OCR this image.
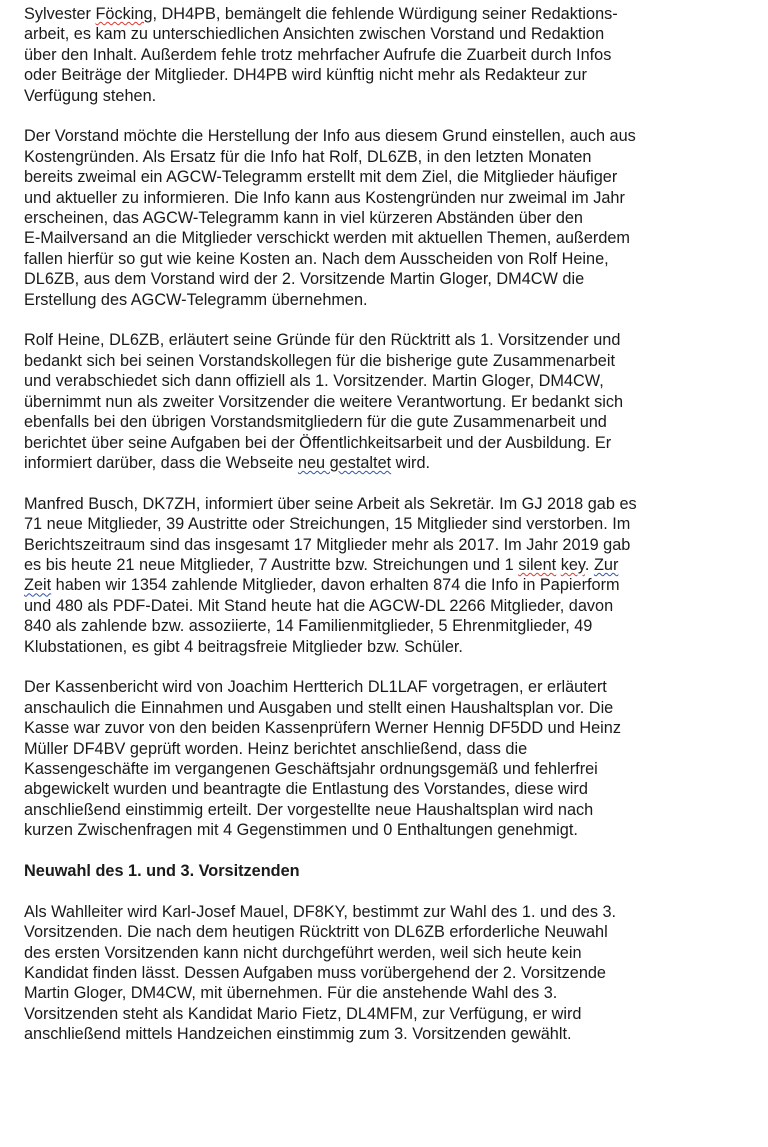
Sylvester Föcking, DH4PB, bemängelt die fehlende Würdigung seiner Redaktions-
arbeit, es kam zu unterschiedlichen Ansichten zwischen Vorstand und Redaktion
über den Inhalt. Außerdem fehle trotz mehrfacher Aufrufe die Zuarbeit durch Infos
oder Beiträge der Mitglieder. DH4PB wird künftig nicht mehr als Redakteur zur
Verfügung stehen.

Der Vorstand möchte die Herstellung der Info aus diesem Grund einstellen, auch aus
Kostengründen. Als Ersatz für die Info hat Rolf, DL6ZB, in den letzten Monaten
bereits zweimal ein AGCW-Telegramm erstellt mit dem Ziel, die Mitglieder häufiger
und aktueller zu informieren. Die Info kann aus Kostengründen nur zweimal im Jahr
erscheinen, das AGCW-Telegramm kann in viel kürzeren Abständen über den
E-Mailversand an die Mitglieder verschickt werden mit aktuellen Themen, außerdem
fallen hierfür so gut wie keine Kosten an. Nach dem Ausscheiden von Rolf Heine,
DL6ZB, aus dem Vorstand wird der 2. Vorsitzende Martin Gloger, DM4CW die
Erstellung des AGCW-Telegramm übernehmen.

Rolf Heine, DL6ZB, erläutert seine Gründe für den Rücktritt als 1. Vorsitzender und
bedankt sich bei seinen Vorstandskollegen für die bisherige gute Zusammenarbeit
und verabschiedet sich dann offiziell als 1. Vorsitzender. Martin Gloger, DM4CW,
übernimmt nun als zweiter Vorsitzender die weitere Verantwortung. Er bedankt sich
ebenfalls bei den übrigen Vorstandsmitgliedern für die gute Zusammenarbeit und
berichtet über seine Aufgaben bei der Öffentlichkeitsarbeit und der Ausbildung. Er
informiert darüber, dass die Webseite neu gestaltet wird.

Manfred Busch, DK7ZH, informiert über seine Arbeit als Sekretär. Im GJ 2018 gab es
71 neue Mitglieder, 39 Austritte oder Streichungen, 15 Mitglieder sind verstorben. Im
Berichtszeitraum sind das insgesamt 17 Mitglieder mehr als 2017. Im Jahr 2019 gab
es bis heute 21 neue Mitglieder, 7 Austritte bzw. Streichungen und 1 silent key. Zur
Zeit haben wir 1354 zahlende Mitglieder, davon erhalten 874 die Info in Papierform
und 480 als PDF-Datei. Mit Stand heute hat die AGCW-DL 2266 Mitglieder, davon
840 als zahlende bzw. assoziierte, 14 Familienmitglieder, 5 Ehrenmitglieder, 49
Klubstationen, es gibt 4 beitragsfreie Mitglieder bzw. Schüler.

Der Kassenbericht wird von Joachim Hertterich DL1LAF vorgetragen, er erläutert
anschaulich die Einnahmen und Ausgaben und stellt einen Haushaltsplan vor. Die
Kasse war zuvor von den beiden Kassenprüfern Werner Hennig DF5DD und Heinz
Müller DF4BV geprüft worden. Heinz berichtet anschließend, dass die
Kassengeschäfte im vergangenen Geschäftsjahr ordnungsgemäß und fehlerfrei
abgewickelt wurden und beantragte die Entlastung des Vorstandes, diese wird
anschließend einstimmig erteilt. Der vorgestellte neue Haushaltsplan wird nach
kurzen Zwischenfragen mit 4 Gegenstimmen und 0 Enthaltungen genehmigt.

Neuwahl des 1. und 3. Vorsitzenden

Als Wahlleiter wird Karl-Josef Mauel, DF8KY, bestimmt zur Wahl des 1. und des 3.
Vorsitzenden. Die nach dem heutigen Rücktritt von DL6ZB erforderliche Neuwahl
des ersten Vorsitzenden kann nicht durchgeführt werden, weil sich heute kein
Kandidat finden lässt. Dessen Aufgaben muss vorübergehend der 2. Vorsitzende
Martin Gloger, DM4CW, mit übernehmen. Für die anstehende Wahl des 3.
Vorsitzenden steht als Kandidat Mario Fietz, DL4MFM, zur Verfügung, er wird
anschließend mittels Handzeichen einstimmig zum 3. Vorsitzenden gewählt.
